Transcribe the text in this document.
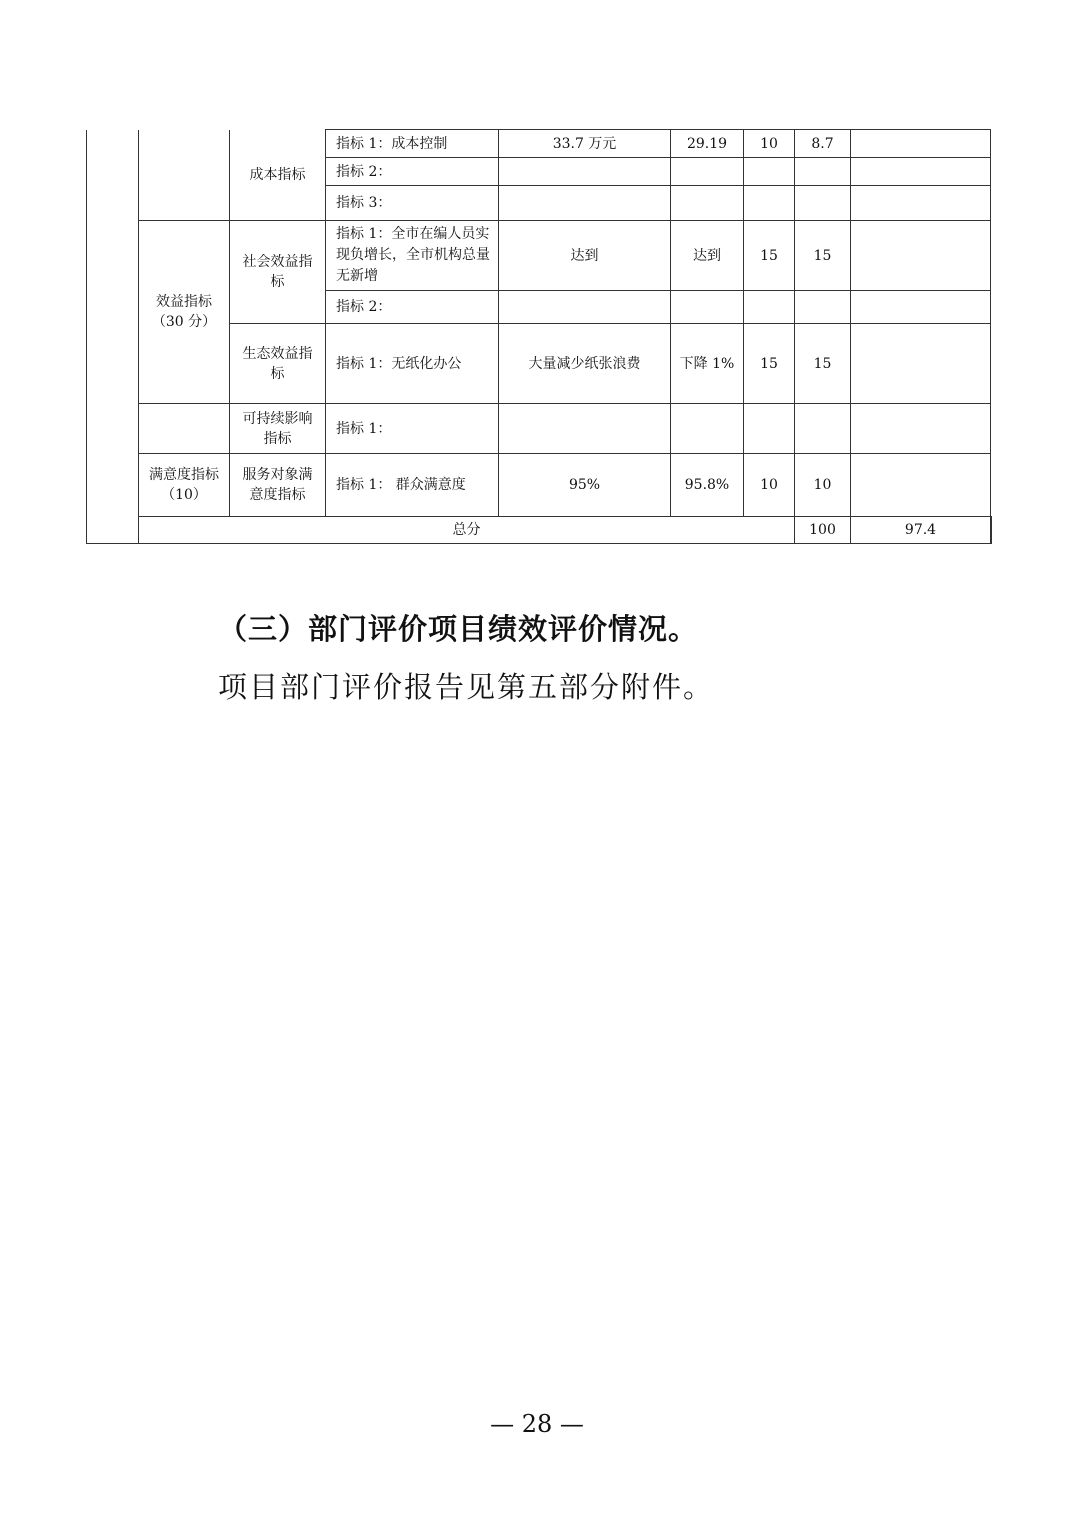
		成本指标	指标 1：成本控制	33.7 万元	29.19	10	8.7		
			指标 2：						
			指标 3：						

	效益指标（30 分）	社会效益指标	指标 1：全市在编人员实现负增长，全市机构总量无新增	达到	达到	15	15		
			指标 2：						

		生态效益指标	指标 1：无纸化办公	大量减少纸张浪费	下降 1%	15	15		

		可持续影响指标	指标 1：						

	满意度指标（10）	服务对象满意度指标	指标 1： 群众满意度	95%	95.8%	10	10		
	总分						100	97.4	
（三）部门评价项目绩效评价情况。
项目部门评价报告见第五部分附件。
— 28 —
